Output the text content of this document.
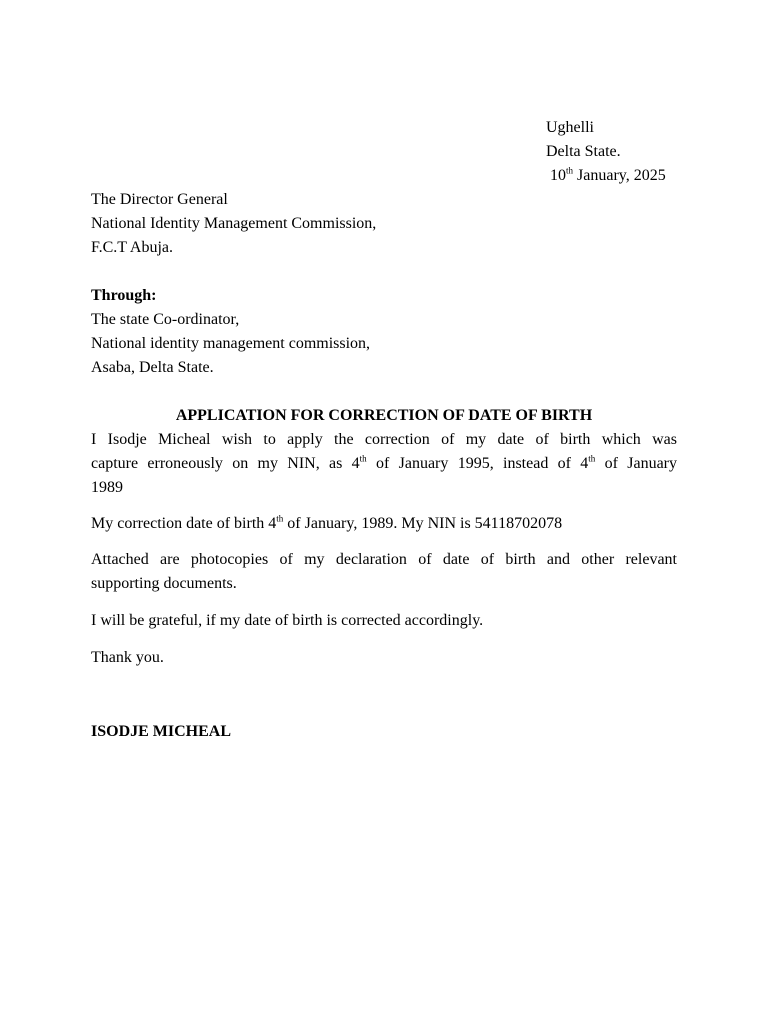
Ughelli
Delta State.
10th January, 2025
The Director General
National Identity Management Commission,
F.C.T Abuja.
Through:
The state Co-ordinator,
National identity management commission,
Asaba, Delta State.
APPLICATION FOR CORRECTION OF DATE OF BIRTH
I Isodje Micheal wish to apply the correction of my date of birth which was
capture erroneously on my NIN, as 4th of January 1995, instead of 4th of January
1989
My correction date of birth 4th of January, 1989. My NIN is 54118702078
Attached are photocopies of my declaration of date of birth and other relevant
supporting documents.
I will be grateful, if my date of birth is corrected accordingly.
Thank you.
ISODJE MICHEAL
